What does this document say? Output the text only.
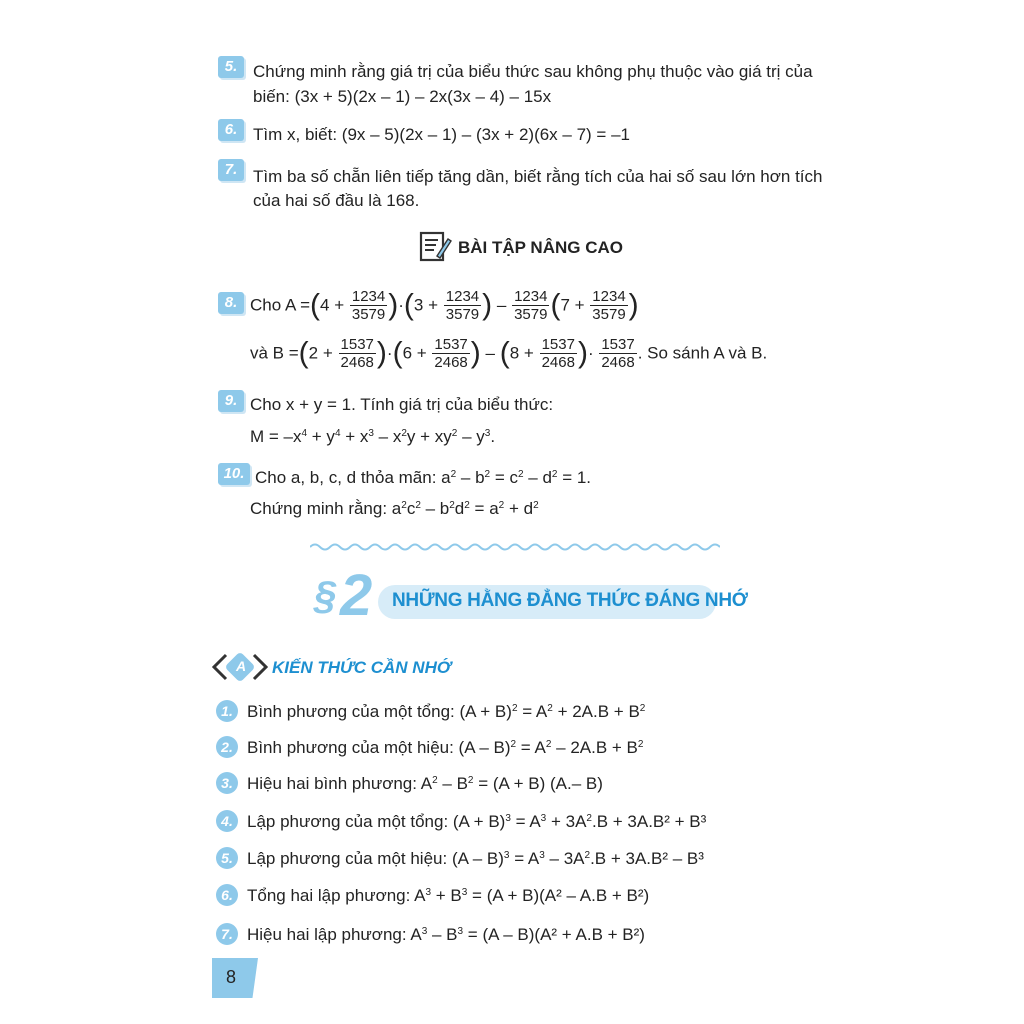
5. Chứng minh rằng giá trị của biểu thức sau không phụ thuộc vào giá trị của
biến: (3x + 5)(2x – 1) – 2x(3x – 4) – 15x
6. Tìm x, biết: (9x – 5)(2x – 1) – (3x + 2)(6x – 7) = –1
7. Tìm ba số chẵn liên tiếp tăng dần, biết rằng tích của hai số sau lớn hơn tích
của hai số đầu là 168.
BÀI TẬP NÂNG CAO
8. Cho $A =(4 + \frac{1234}{3579} )\cdot(3 + \frac{1234}{3579}$ ) – $\frac{1234}{3579} (7 + \frac{1234}{3579}$ )
và $B =(2 + \frac{1537}{2468} )\cdot(6 + \frac{1537}{2468}$ ) – ($8 + \frac{1537}{2468}$ )· $\frac{1537}{2468}$ . So sánh A và B.
9. Cho x + y = 1. Tính giá trị của biểu thức:
$M = -x^4 + y^4 + x^3 - x^2y + xy^2 - y^3$.
10. Cho a, b, c, d thỏa mãn: $a^2 - b^2 = c^2 - d^2 = 1$.
Chứng minh rằng: $a^2c^2 - b^2d^2 = a^2 + d^2$
§ 2 NHỮNG HẰNG ĐẲNG THỨC ĐÁNG NHỚ
A KIẾN THỨC CẦN NHỚ
1. Bình phương của một tổng: $(A + B)^2 = A^2 + 2A.B + B^2$
2. Bình phương của một hiệu: $(A - B)^2 = A^2 - 2A.B + B^2$
3. Hiệu hai bình phương: $A^2 - B^2 = (A + B)$ (A.– B)
4. Lập phương của một tổng: $(A + B)^3 = A^3 + 3A^2.B + 3A.B^2 + B^3$
5. Lập phương của một hiệu: $(A - B)^3 = A^3 - 3A^2.B + 3A.B^2 - B^3$
6. Tổng hai lập phương: $A^3 + B^3 = (A + B)(A^2 - A.B + B^2)$
7. Hiệu hai lập phương: $A^3 - B^3 = (A - B)(A^2 + A.B + B^2)$
8
